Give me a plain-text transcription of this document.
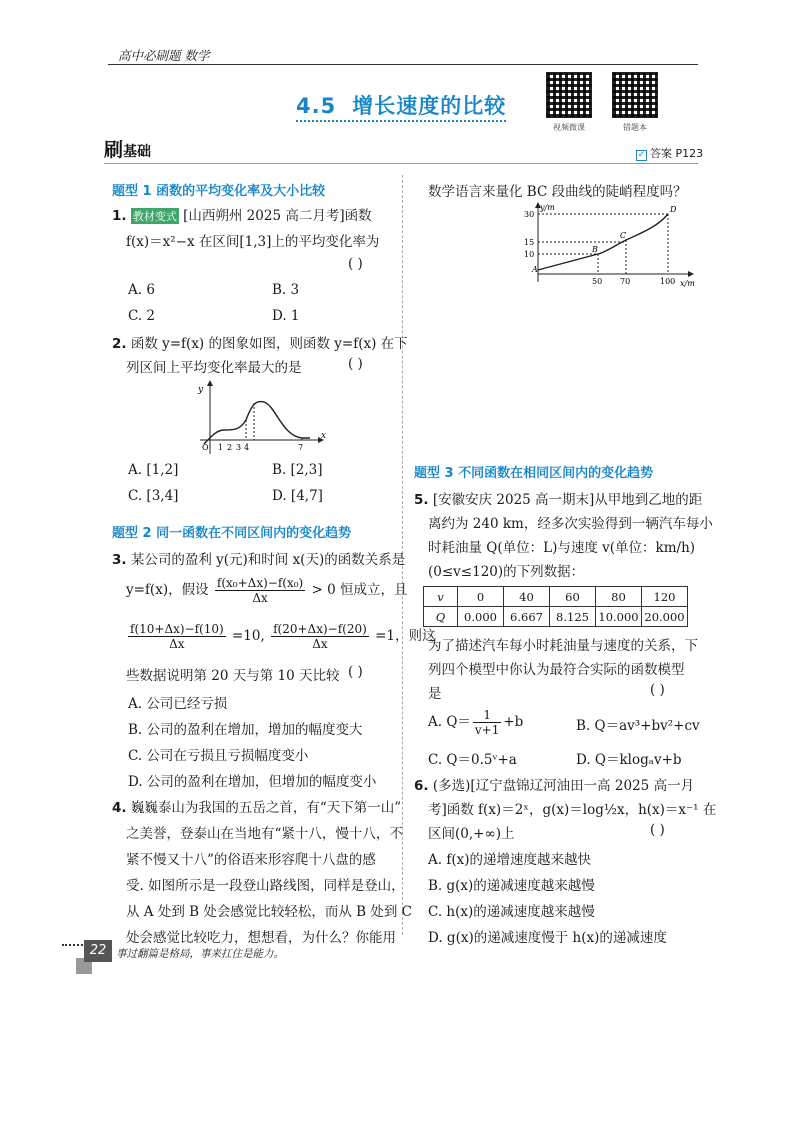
高中必刷题 数学
4.5 增长速度的比较
视频微课	错题本
刷基础	✓ 答案 P123
题型 1 函数的平均变化率及大小比较
1. 教材变式 [山西朔州 2025 高二月考]函数
f(x)＝x²−x 在区间[1,3]上的平均变化率为
( )
A. 6	B. 3
C. 2	D. 1
2. 函数 y=f(x) 的图象如图，则函数 y=f(x) 在下
列区间上平均变化率最大的是	( )
y
x
O 1 2 3 4	7
A. [1,2]	B. [2,3]
C. [3,4]	D. [4,7]
题型 2 同一函数在不同区间内的变化趋势
3. 某公司的盈利 y(元)和时间 x(天)的函数关系是
y=f(x)，假设 $\frac{\text{f(x₀+Δx)−f(x₀)}}{\Delta x} > 0$ 恒成立，且
$\frac{f(10+\Delta x)-f(10)}{\Delta x} =10$, $\frac{f(20+\Delta x)-f(20)}{\Delta x} =1$，则这
些数据说明第 20 天与第 10 天比较 ( )
A. 公司已经亏损
B. 公司的盈利在增加，增加的幅度变大
C. 公司在亏损且亏损幅度变小
D. 公司的盈利在增加，但增加的幅度变小
4. 巍巍泰山为我国的五岳之首，有“天下第一山”
之美誉，登泰山在当地有“紧十八，慢十八，不
紧不慢又十八”的俗语来形容爬十八盘的感
受. 如图所示是一段登山路线图，同样是登山，
从 A 处到 B 处会感觉比较轻松，而从 B 处到 C
处会感觉比较吃力，想想看，为什么？你能用
数学语言来量化 BC 段曲线的陡峭程度吗？
y/m
x/m
30
15
10
50 70	100
A
B
C
D
题型 3 不同函数在相同区间内的变化趋势
5. [安徽安庆 2025 高一期末]从甲地到乙地的距
离约为 240 km，经多次实验得到一辆汽车每小
时耗油量 Q(单位：L)与速度 v(单位：km/h)
(0≤v≤120)的下列数据：
v	0	40	60	80	120
Q	0.000	6.667	8.125	10.000	20.000
为了描述汽车每小时耗油量与速度的关系，下
列四个模型中你认为最符合实际的函数模型
是	( )
A. $Q= \frac{1}{v+1} +b$	B. Q＝av³+bv²+cv
C. Q＝0.5ᵛ+a	D. Q＝klogₐv+b
6. (多选)[辽宁盘锦辽河油田一高 2025 高一月
考]函数 f(x)＝2ˣ，g(x)＝log½x，h(x)＝x⁻¹ 在
区间(0,+∞)上	( )
A. f(x)的递增速度越来越快
B. g(x)的递减速度越来越慢
C. h(x)的递减速度越来越慢
D. g(x)的递减速度慢于 h(x)的递减速度
22 事过翻篇是格局，事来扛住是能力。
